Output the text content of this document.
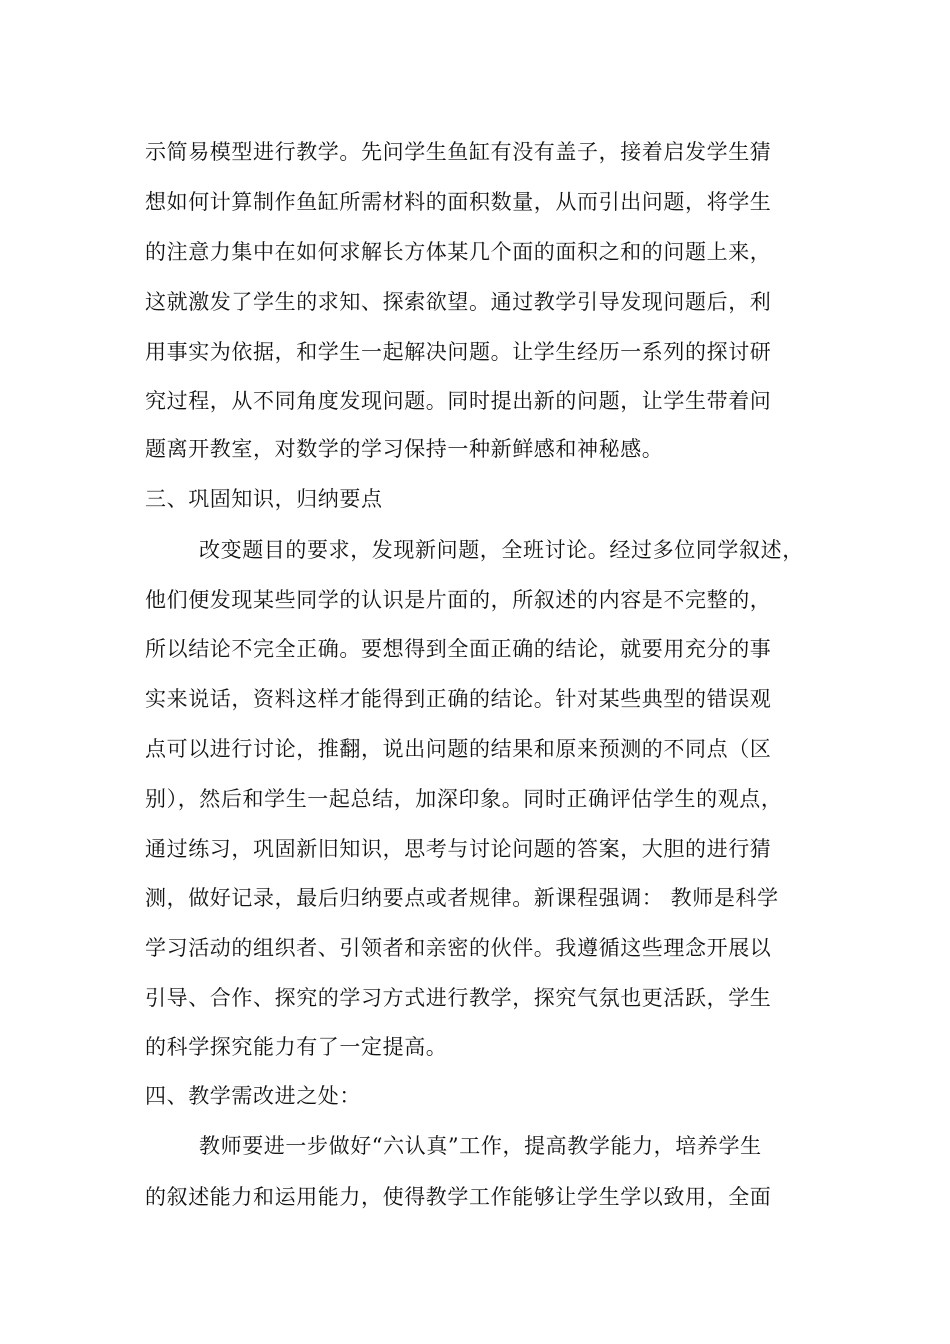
示简易模型进行教学。先问学生鱼缸有没有盖子，接着启发学生猜
想如何计算制作鱼缸所需材料的面积数量，从而引出问题，将学生
的注意力集中在如何求解长方体某几个面的面积之和的问题上来，
这就激发了学生的求知、探索欲望。通过教学引导发现问题后，利
用事实为依据，和学生一起解决问题。让学生经历一系列的探讨研
究过程，从不同角度发现问题。同时提出新的问题，让学生带着问
题离开教室，对数学的学习保持一种新鲜感和神秘感。
三、巩固知识，归纳要点
改变题目的要求，发现新问题，全班讨论。经过多位同学叙述，
他们便发现某些同学的认识是片面的，所叙述的内容是不完整的，
所以结论不完全正确。要想得到全面正确的结论，就要用充分的事
实来说话，资料这样才能得到正确的结论。针对某些典型的错误观
点可以进行讨论，推翻，说出问题的结果和原来预测的不同点（区
别），然后和学生一起总结，加深印象。同时正确评估学生的观点，
通过练习，巩固新旧知识，思考与讨论问题的答案，大胆的进行猜
测，做好记录，最后归纳要点或者规律。新课程强调： 教师是科学
学习活动的组织者、引领者和亲密的伙伴。我遵循这些理念开展以
引导、合作、探究的学习方式进行教学，探究气氛也更活跃，学生
的科学探究能力有了一定提高。
四、教学需改进之处：
教师要进一步做好“六认真”工作，提高教学能力，培养学生
的叙述能力和运用能力，使得教学工作能够让学生学以致用，全面
